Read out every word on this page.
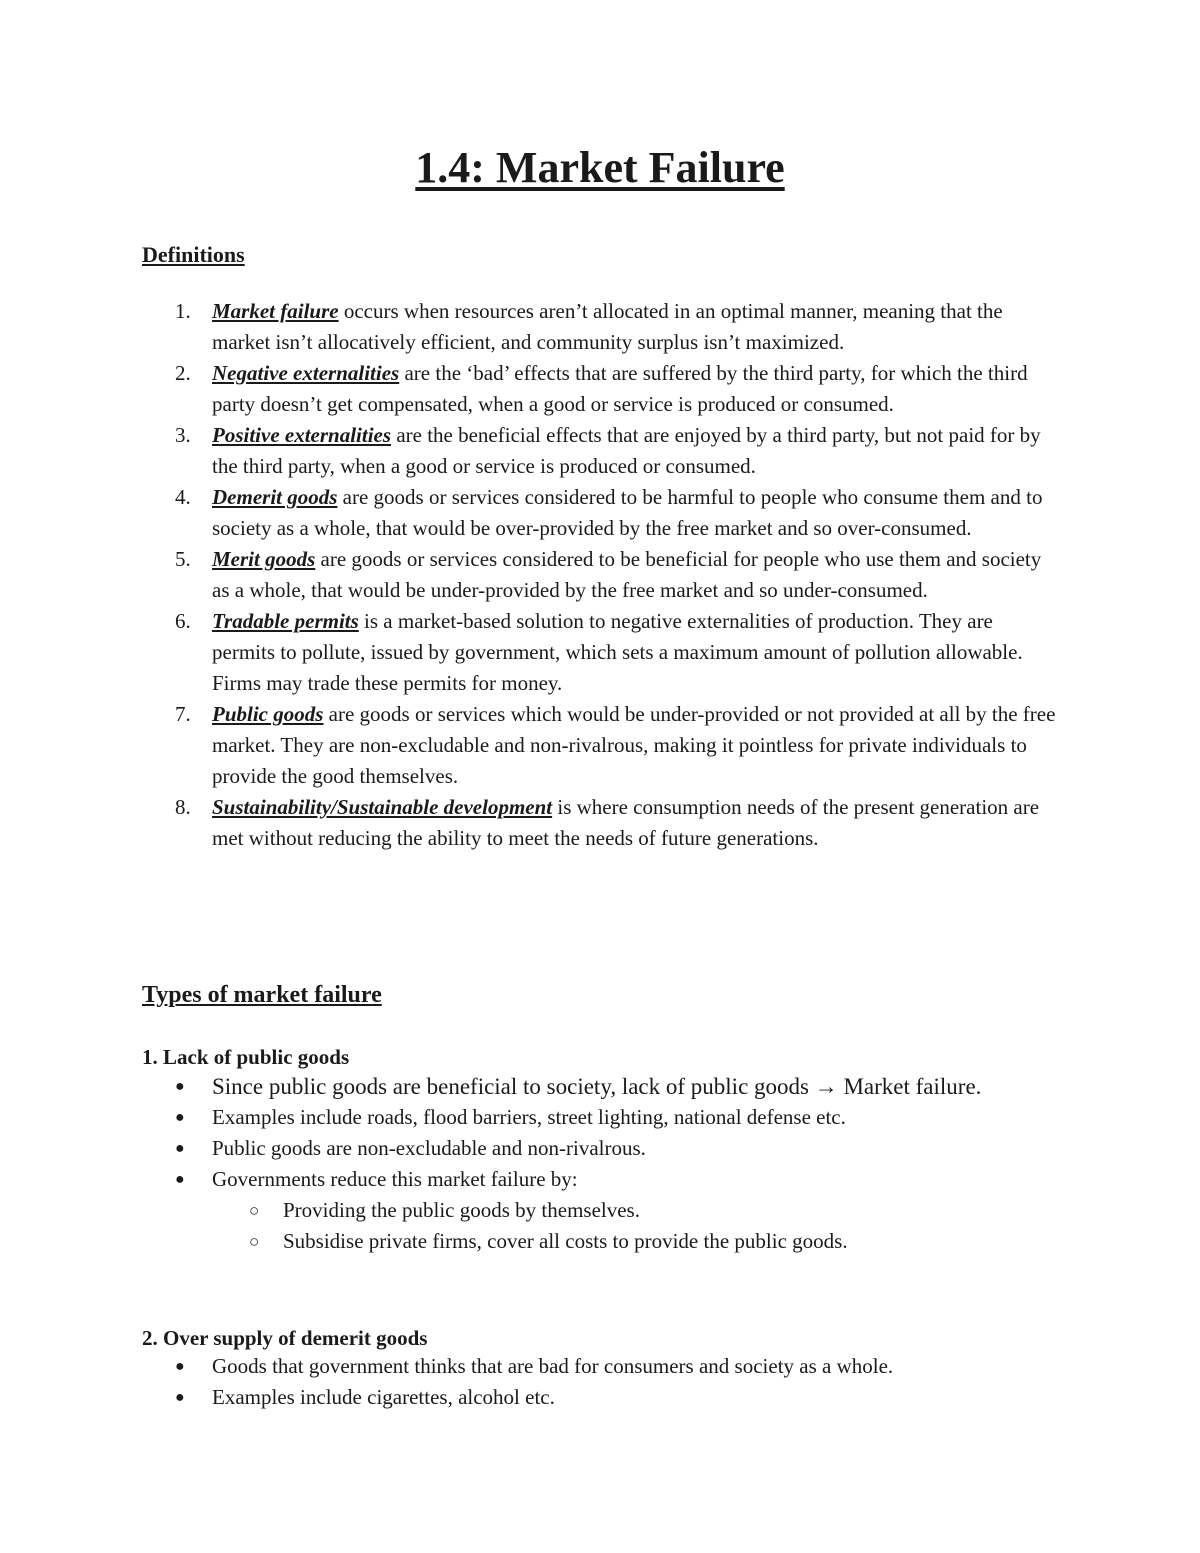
1.4: Market Failure
Definitions
1. Market failure occurs when resources aren’t allocated in an optimal manner, meaning that the market isn’t allocatively efficient, and community surplus isn’t maximized.
2. Negative externalities are the ‘bad’ effects that are suffered by the third party, for which the third party doesn’t get compensated, when a good or service is produced or consumed.
3. Positive externalities are the beneficial effects that are enjoyed by a third party, but not paid for by the third party, when a good or service is produced or consumed.
4. Demerit goods are goods or services considered to be harmful to people who consume them and to society as a whole, that would be over-provided by the free market and so over-consumed.
5. Merit goods are goods or services considered to be beneficial for people who use them and society as a whole, that would be under-provided by the free market and so under-consumed.
6. Tradable permits is a market-based solution to negative externalities of production. They are permits to pollute, issued by government, which sets a maximum amount of pollution allowable. Firms may trade these permits for money.
7. Public goods are goods or services which would be under-provided or not provided at all by the free market. They are non-excludable and non-rivalrous, making it pointless for private individuals to provide the good themselves.
8. Sustainability/Sustainable development is where consumption needs of the present generation are met without reducing the ability to meet the needs of future generations.
Types of market failure
1. Lack of public goods
● Since public goods are beneficial to society, lack of public goods → Market failure.
● Examples include roads, flood barriers, street lighting, national defense etc.
● Public goods are non-excludable and non-rivalrous.
● Governments reduce this market failure by:
○ Providing the public goods by themselves.
○ Subsidise private firms, cover all costs to provide the public goods.
2. Over supply of demerit goods
● Goods that government thinks that are bad for consumers and society as a whole.
● Examples include cigarettes, alcohol etc.
